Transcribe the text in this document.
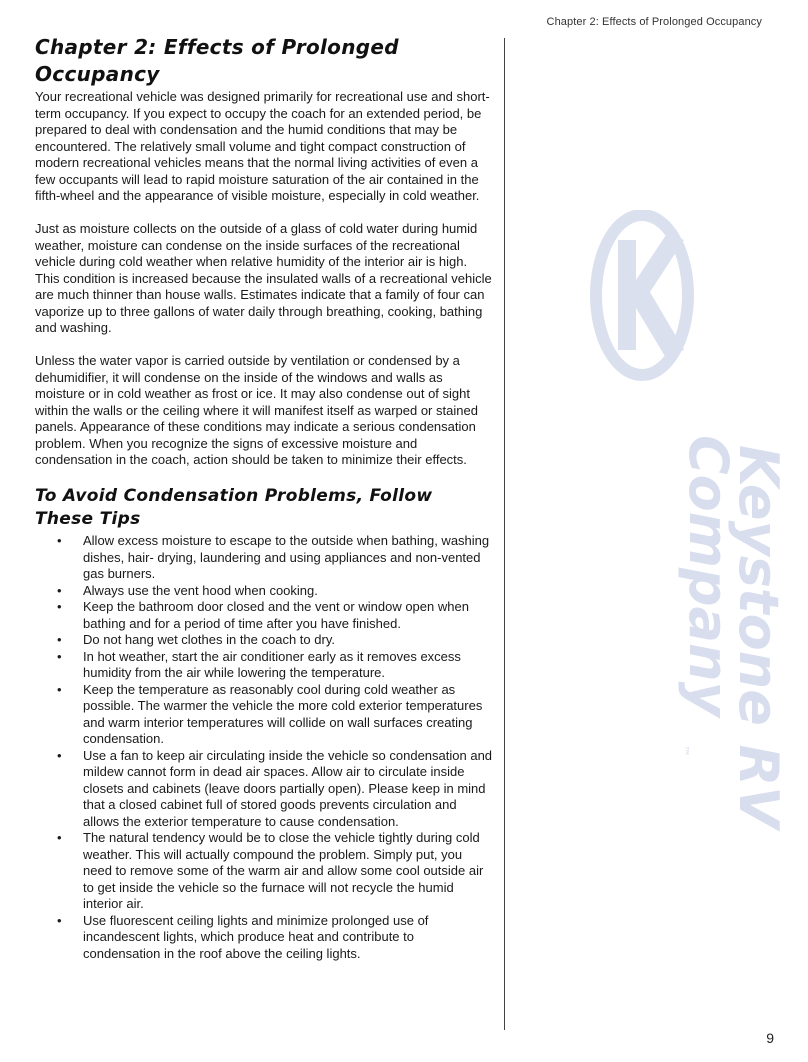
Chapter 2: Effects of Prolonged Occupancy
Keystone RV
Company
™
Chapter 2: Effects of Prolonged
Occupancy

Your recreational vehicle was designed primarily for recreational use and short-term occupancy. If you expect to occupy the coach for an extended period, be prepared to deal with condensation and the humid conditions that may be encountered. The relatively small volume and tight compact construction of modern recreational vehicles means that the normal living activities of even a few occupants will lead to rapid moisture saturation of the air contained in the fifth-wheel and the appearance of visible moisture, especially in cold weather.

Just as moisture collects on the outside of a glass of cold water during humid weather, moisture can condense on the inside surfaces of the recreational vehicle during cold weather when relative humidity of the interior air is high. This condition is increased because the insulated walls of a recreational vehicle are much thinner than house walls. Estimates indicate that a family of four can vaporize up to three gallons of water daily through breathing, cooking, bathing and washing.

Unless the water vapor is carried outside by ventilation or condensed by a dehumidifier, it will condense on the inside of the windows and walls as moisture or in cold weather as frost or ice. It may also condense out of sight within the walls or the ceiling where it will manifest itself as warped or stained panels. Appearance of these conditions may indicate a serious condensation problem. When you recognize the signs of excessive moisture and condensation in the coach, action should be taken to minimize their effects.

To Avoid Condensation Problems, Follow
These Tips
• Allow excess moisture to escape to the outside when bathing, washing dishes, hair- drying, laundering and using appliances and non-vented gas burners.
• Always use the vent hood when cooking.
• Keep the bathroom door closed and the vent or window open when bathing and for a period of time after you have finished.
• Do not hang wet clothes in the coach to dry.
• In hot weather, start the air conditioner early as it removes excess humidity from the air while lowering the temperature.
• Keep the temperature as reasonably cool during cold weather as possible. The warmer the vehicle the more cold exterior temperatures and warm interior temperatures will collide on wall surfaces creating condensation.
• Use a fan to keep air circulating inside the vehicle so condensation and mildew cannot form in dead air spaces. Allow air to circulate inside closets and cabinets (leave doors partially open). Please keep in mind that a closed cabinet full of stored goods prevents circulation and allows the exterior temperature to cause condensation.
• The natural tendency would be to close the vehicle tightly during cold weather. This will actually compound the problem. Simply put, you need to remove some of the warm air and allow some cool outside air to get inside the vehicle so the furnace will not recycle the humid interior air.
• Use fluorescent ceiling lights and minimize prolonged use of incandescent lights, which produce heat and contribute to condensation in the roof above the ceiling lights.
9
